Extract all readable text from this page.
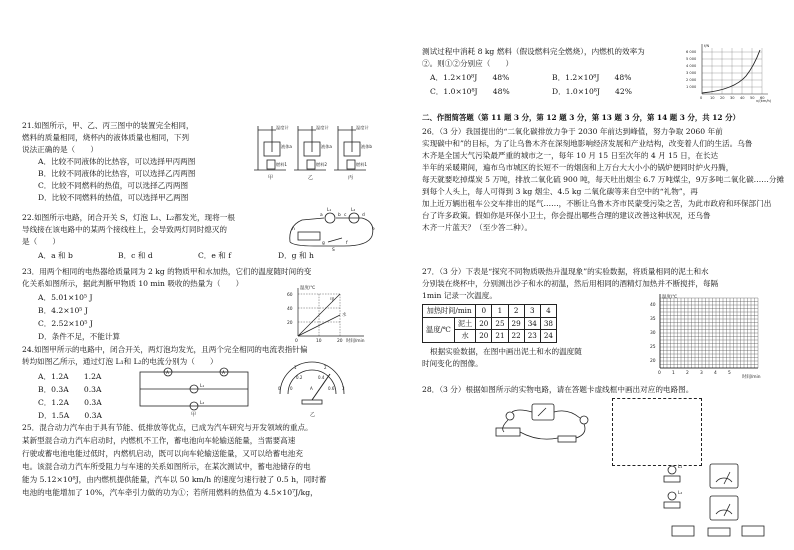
21.如图所示，甲、乙、丙三图中的装置完全相同，
燃料的质量相同，烧杯内的液体质量也相同，下列
说法正确的是（　　）
A．比较不同液体的比热容，可以选择甲丙两图
B．比较不同液体的比热容，可以选择乙丙两图
C．比较不同燃料的热值，可以选择乙丙两图
D．比较不同燃料的热值，可以选择甲乙两图
温度计	温度计	温度计
液体a	液体a	液体b
燃料1	燃料2	燃料1
甲	乙	丙
22.如图所示电路，闭合开关 S，灯泡 L₁、L₂都发光，现将一根
导线接在该电路中的某两个接线柱上，会导致两灯同时熄灭的
是（　　）
A．a 和 b	B．c 和 d	C．e 和 f	D．g 和 h
L₁	L₂
S
a	b c	d
e
f
g
h
23．用两个相同的电热器给质量同为 2 kg 的物质甲和水加热，它们的温度随时间的变
化关系如图所示，据此判断甲物质 10 min 吸收的热量为（　　）
A．5.01×10⁵ J
B．4.2×10⁵ J
C．2.52×10⁵ J
D．条件不足，不能计算
温度/℃
时间/min
60
40
20
0	10	20
甲
水
24.如图甲所示的电路中，闭合开关，两灯泡均发光，且两个完全相同的电流表指针偏
转均如图乙所示，通过灯泡 L₁和 L₂的电流分别为（　　）
A．1.2A　　1.2A
B．0.3A　　0.3A
C．1.2A　　0.3A
D．1.5A　　0.3A
A	A
L₁
L₂
甲
0
1	2
3
0
0.2	0.4
0.6
A
乙
25．混合动力汽车由于具有节能、低排放等优点，已成为汽车研究与开发领域的重点。
某新型混合动力汽车启动时，内燃机不工作，蓄电池向车轮输送能量，当需要高速
行驶或蓄电池电能过低时，内燃机启动，既可以向车轮输送能量，又可以给蓄电池充
电。该混合动力汽车所受阻力与车速的关系如图所示，在某次测试中，蓄电池储存的电
能为 5.12×10⁸J，由内燃机提供能量，汽车以 50 km/h 的速度匀速行驶了 0.5 h，同时蓄
电池的电能增加了 10%，汽车牵引力做的功为①；若所用燃料的热值为 4.5×10⁷J/kg，
测试过程中消耗 8 kg 燃料（假设燃料完全燃烧），内燃机的效率为
②。则①②分别应（　　）
A．1.2×10⁸J　　48%	B．1.2×10⁸J　　48%
C．1.0×10⁸J　　48%	D．1.0×10⁸J　　42%
f/N
v/(km/h)
6 000
5 000
4 000
3 000
2 000
1 000
0 10 20 30 40 50 60
二、作图简答题（第 11 题 3 分，第 12 题 3 分，第 13 题 3 分，第 14 题 3 分，共 12 分）
26．（3 分）我国提出的“二氧化碳排放力争于 2030 年前达到峰值，努力争取 2060 年前
实现碳中和”的目标，为了让乌鲁木齐在深刻地影响经济发展和产业结构，改变着人们的生活。乌鲁
木齐是全国大气污染最严重的城市之一，每年 10 月 15 日至次年的 4 月 15 日，在长达
半年的采暖期间，遍布乌市城区的长短不一的烟囱和上万台大大小小的锅炉便同时炉火丹腾，
每天就要吃掉煤炭 5 万吨，排放二氧化硫 900 吨，每天吐出烟尘 6.7 万吨煤尘，9万多吨二氧化碳……分摊
到每个人头上，每人可得到 3 kg 烟尘、4.5 kg 二氧化碳等来自空中的“礼物”，再
加上近万辆出租车公交车排出的尾气……，不断让乌鲁木齐市民蒙受污染之苦，为此市政府和环保部门出
台了许多政策。假如你是环保小卫士，你会提出哪些合理的建议改善这种状况，还乌鲁
木齐一片蓝天？（至少答二种）。
27．（3 分）下表是“探究不同物质吸热升温现象”的实验数据，将质量相同的泥土和水
分别装在烧杯中，分别测出沙子和水的初温，然后用相同的酒精灯加热并不断搅拌，每隔
1min 记录一次温度。
加热时间/min		0	1	2	3	4
温度/℃	泥土	20	25	29	34	38
	水	20	21	22	23	24
根据实验数据，在图中画出泥土和水的温度随
时间变化的图像。
温度/℃
时间/min
40
35
30
25
20
0	1	2	3	4	5
28．（3 分）根据如图所示的实物电路，请在答题卡虚线框中画出对应的电路图。
L₁
L₂
